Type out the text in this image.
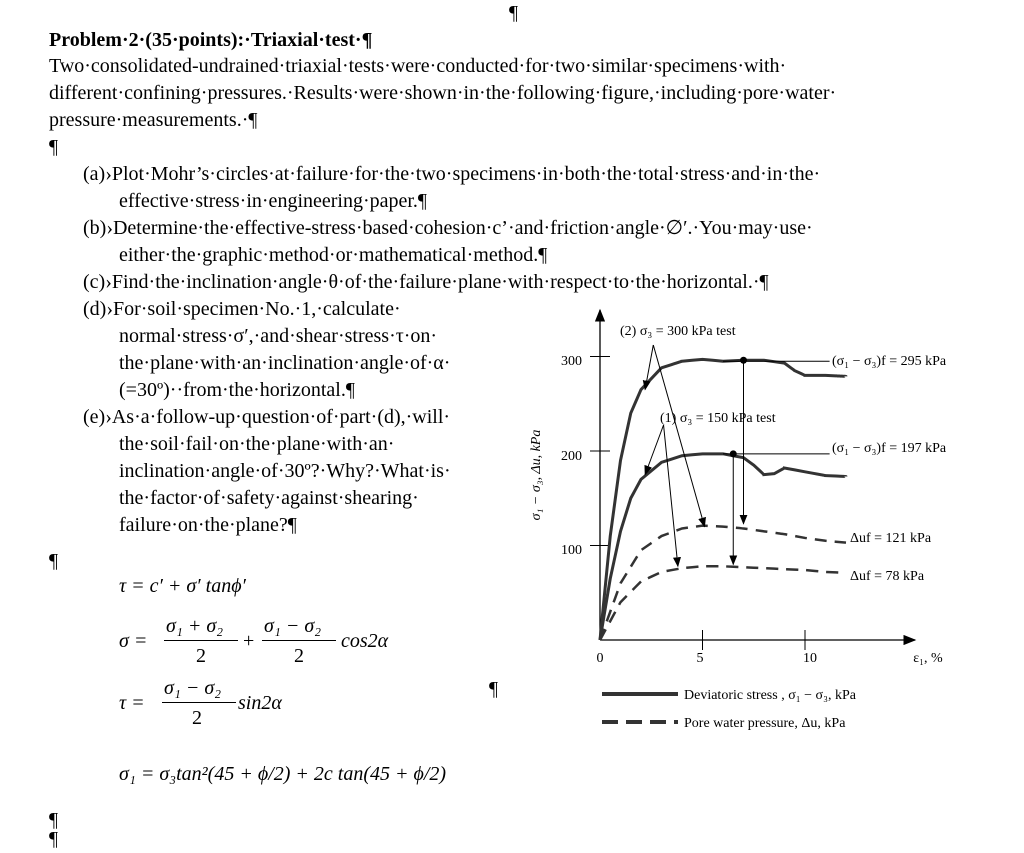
¶
Problem·2·(35·points):·Triaxial·test·¶
Two·consolidated-undrained·triaxial·tests·were·conducted·for·two·similar·specimens·with·
different·confining·pressures.·Results·were·shown·in·the·following·figure,·including·pore·water·
pressure·measurements.·¶
¶
(a)›Plot·Mohr’s·circles·at·failure·for·the·two·specimens·in·both·the·total·stress·and·in·the·
effective·stress·in·engineering·paper.¶
(b)›Determine·the·effective-stress·based·cohesion·c’·and·friction·angle·∅′.·You·may·use·
either·the·graphic·method·or·mathematical·method.¶
(c)›Find·the·inclination·angle·θ·of·the·failure·plane·with·respect·to·the·horizontal.·¶
(d)›For·soil·specimen·No.·1,·calculate·
normal·stress·σ′,·and·shear·stress·τ·on·
the·plane·with·an·inclination·angle·of·α·
(=30º)··from·the·horizontal.¶
(e)›As·a·follow-up·question·of·part·(d),·will·
the·soil·fail·on·the·plane·with·an·
inclination·angle·of·30º?·Why?·What·is·
the·factor·of·safety·against·shearing·
failure·on·the·plane?¶
¶
τ = c′ + σ′ tanϕ′
σ =
σ₁ + σ₂
2
+
σ₁ − σ₂
2
cos2α
τ =
σ₁ − σ₂
2
sin2α
σ₁ = σ₃tan²(45 + ϕ/2) + 2c tan(45 + ϕ/2)
¶
¶
¶
σ₁ − σ₃, Δu, kPa
ε₁, %
0	5	10
100
200
300
(2) σ₃ = 300 kPa test
(1) σ₃ = 150 kPa test
(σ₁ − σ₃)f = 295 kPa
(σ₁ − σ₃)f = 197 kPa
Δuf = 121 kPa
Δuf = 78 kPa
Deviatoric stress , σ₁ − σ₃, kPa
Pore water pressure, Δu, kPa
